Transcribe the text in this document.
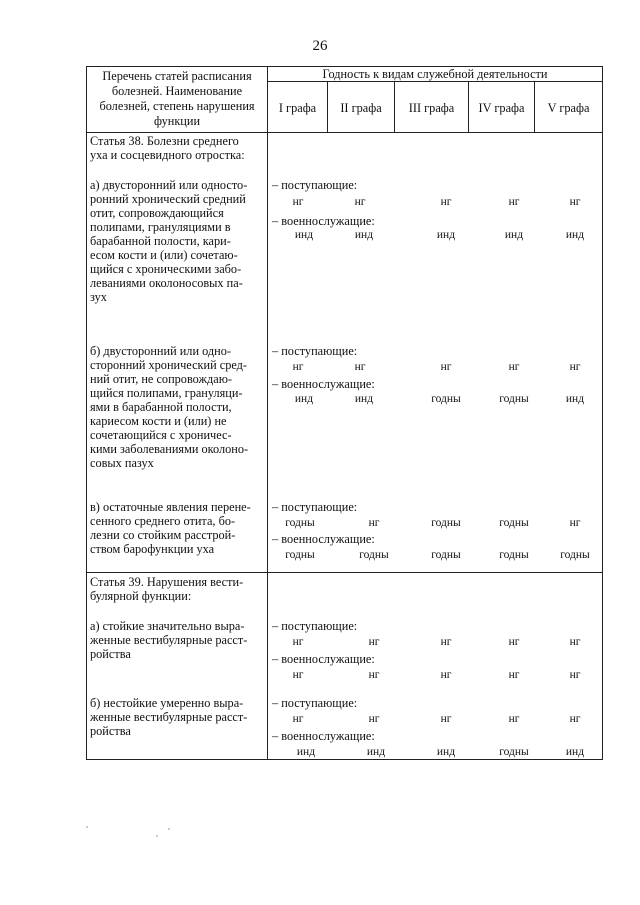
26
Перечень статей расписания
болезней. Наименование
болезней, степень нарушения
функции
Годность к видам служебной деятельности
I графа	II графа	III графа	IV графа	V графа
Статья 38. Болезни среднего
уха и сосцевидного отростка:
а) двусторонний или односто-
ронний хронический средний
отит, сопровождающийся
полипами, грануляциями в
барабанной полости, кари-
есом кости и (или) сочетаю-
щийся с хроническими забо-
леваниями околоносовых па-
зух
– поступающие:
– военнослужащие:
нг	нг	нг	нг	нг
инд	инд	инд	инд	инд
б) двусторонний или одно-
сторонний хронический сред-
ний отит, не сопровождаю-
щийся полипами, грануляци-
ями в барабанной полости,
кариесом кости и (или) не
сочетающийся с хроничес-
кими заболеваниями околоно-
совых пазух
– поступающие:
– военнослужащие:
нг	нг	нг	нг	нг
инд	инд	годны	годны	инд
в) остаточные явления перене-
сенного среднего отита, бо-
лезни со стойким расстрой-
ством барофункции уха
– поступающие:
– военнослужащие:
годны	нг	годны	годны	нг
годны	годны	годны	годны	годны
Статья 39. Нарушения вести-
булярной функции:
а) стойкие значительно выра-
женные вестибулярные расст-
ройства
– поступающие:
– военнослужащие:
нг	нг	нг	нг	нг
нг	нг	нг	нг	нг
б) нестойкие умеренно выра-
женные вестибулярные расст-
ройства
– поступающие:
– военнослужащие:
нг	нг	нг	нг	нг
инд	инд	инд	годны	инд
